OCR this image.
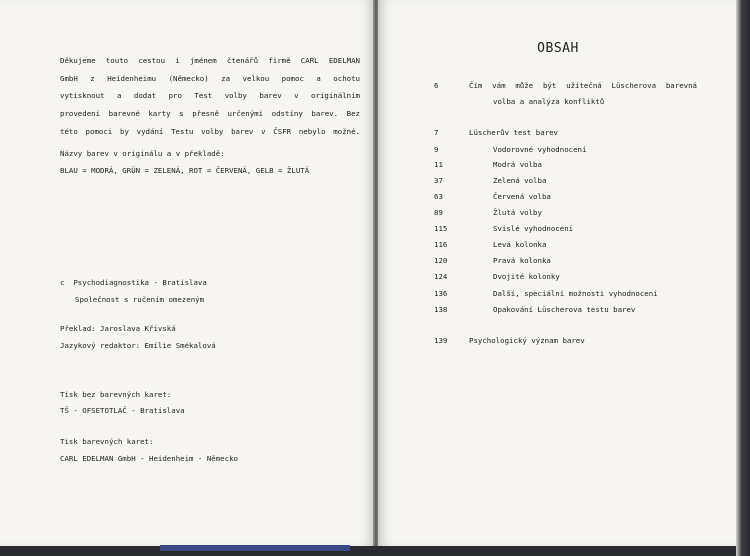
Děkujeme touto cestou i jménem čtenářů firmě CARL EDELMAN
GmbH z Heidenheimu (Německo) za velkou pomoc a ochotu
vytisknout a dodat pro Test volby barev v originálním
provedení barevné karty s přesně určenými odstíny barev. Bez
této pomoci by vydání Testu volby barev v ČSFR nebylo možné.
Názvy barev v originálu a v překladě:
BLAU = MODRÁ, GRÜN = ZELENÁ, ROT = ČERVENÁ, GELB = ŽLUTÁ
c  Psychodiagnostika - Bratislava
Společnost s ručením omezeným
Překlad: Jaroslava Křivská
Jazykový redaktor: Emílie Smékalová
Tisk bez barevných karet:
TŠ - OFSETOTLAČ - Bratislava
Tisk barevných karet:
CARL EDELMAN GmbH - Heidenheim - Německo
OBSAH
6	Čím vám může být užitečná Lüscherova barevná
volba a analýza konfliktů
7	Lüscherův test barev
9	Vodorovné vyhodnocení
11	Modrá volba
37	Zelená volba
63	Červená volba
89	Žlutá volby
115	Svislé vyhodnocení
116	Levá kolonka
120	Pravá kolonka
124	Dvojité kolonky
136	Další, speciální možnosti vyhodnocení
138	Opakování Lüscherova testu barev
139	Psychologický význam barev
